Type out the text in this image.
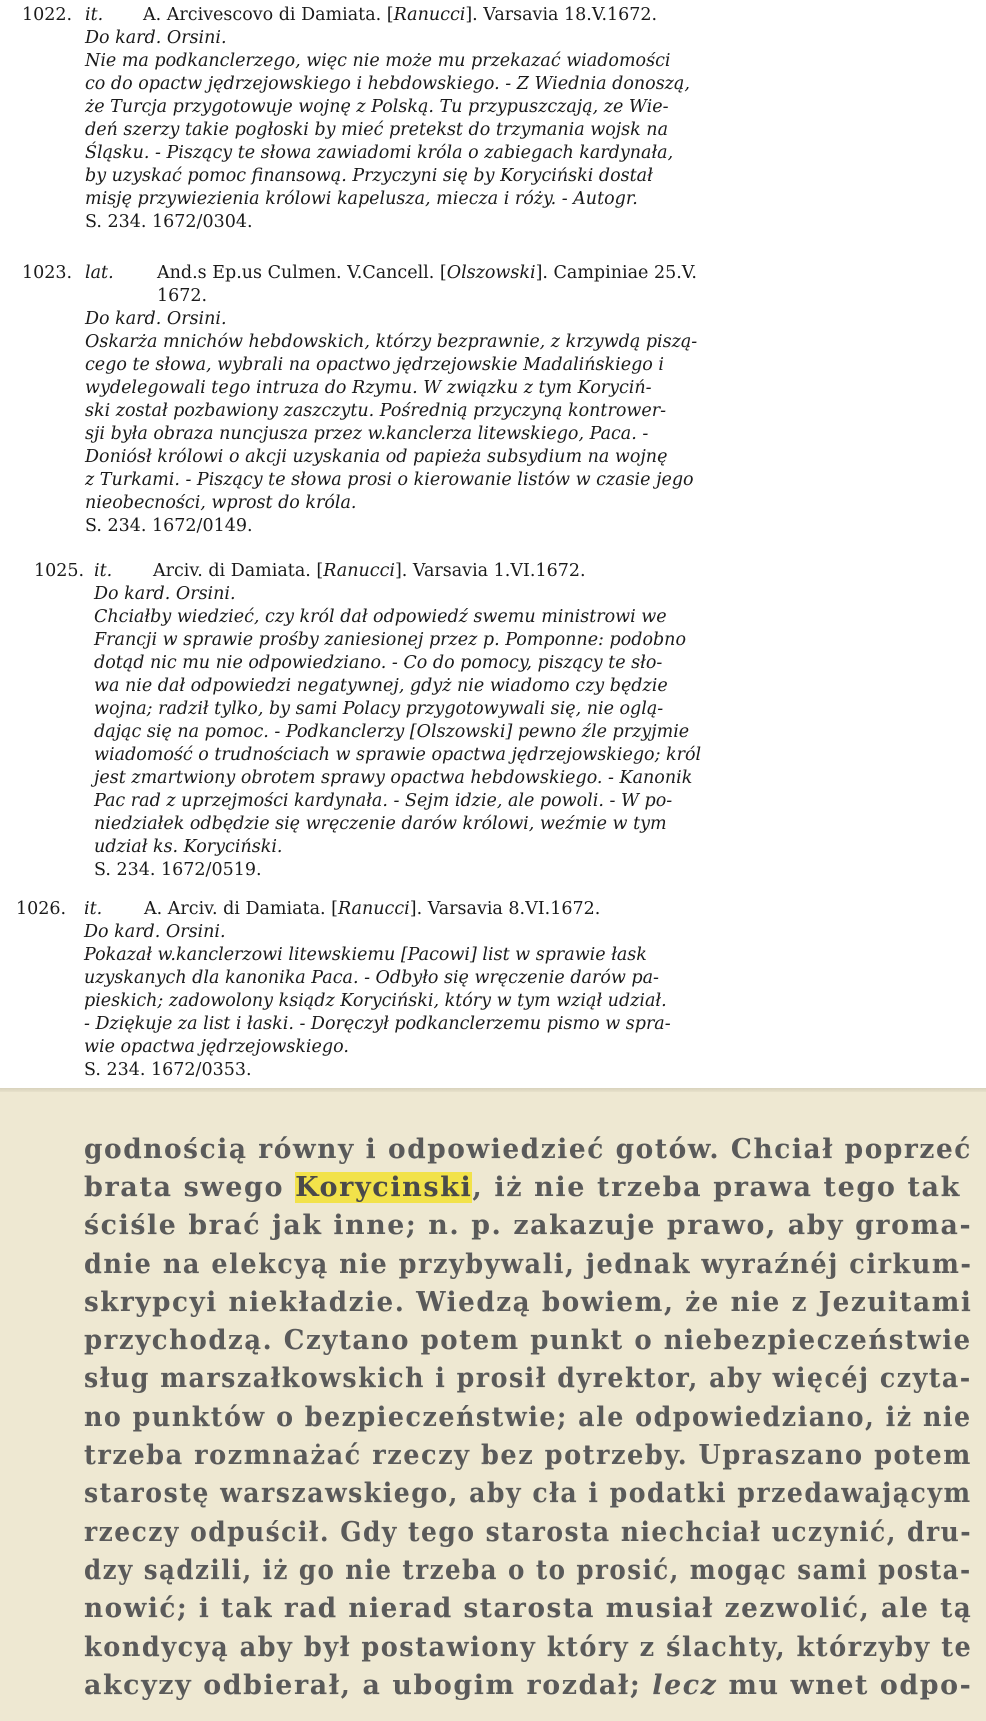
1022. it.	A. Arcivescovo di Damiata. [Ranucci]. Varsavia 18.V.1672.
Do kard. Orsini.
Nie ma podkanclerzego, więc nie może mu przekazać wiadomości
co do opactw jędrzejowskiego i hebdowskiego. - Z Wiednia donoszą,
że Turcja przygotowuje wojnę z Polską. Tu przypuszczają, ze Wie-
deń szerzy takie pogłoski by mieć pretekst do trzymania wojsk na
Śląsku. - Piszący te słowa zawiadomi króla o zabiegach kardynała,
by uzyskać pomoc finansową. Przyczyni się by Koryciński dostał
misję przywiezienia królowi kapelusza, miecza i róży. - Autogr.
S. 234. 1672/0304.
1023. lat.	And.s Ep.us Culmen. V.Cancell. [Olszowski]. Campiniae 25.V.
1672.
Do kard. Orsini.
Oskarża mnichów hebdowskich, którzy bezprawnie, z krzywdą piszą-
cego te słowa, wybrali na opactwo jędrzejowskie Madalińskiego i
wydelegowali tego intruza do Rzymu. W związku z tym Koryciń-
ski został pozbawiony zaszczytu. Pośrednią przyczyną kontrower-
sji była obraza nuncjusza przez w.kanclerza litewskiego, Paca. -
Doniósł królowi o akcji uzyskania od papieża subsydium na wojnę
z Turkami. - Piszący te słowa prosi o kierowanie listów w czasie jego
nieobecności, wprost do króla.
S. 234. 1672/0149.
1025. it.	Arciv. di Damiata. [Ranucci]. Varsavia 1.VI.1672.
Do kard. Orsini.
Chciałby wiedzieć, czy król dał odpowiedź swemu ministrowi we
Francji w sprawie prośby zaniesionej przez p. Pomponne: podobno
dotąd nic mu nie odpowiedziano. - Co do pomocy, piszący te sło-
wa nie dał odpowiedzi negatywnej, gdyż nie wiadomo czy będzie
wojna; radził tylko, by sami Polacy przygotowywali się, nie oglą-
dając się na pomoc. - Podkanclerzy [Olszowski] pewno źle przyjmie
wiadomość o trudnościach w sprawie opactwa jędrzejowskiego; król
jest zmartwiony obrotem sprawy opactwa hebdowskiego. - Kanonik
Pac rad z uprzejmości kardynała. - Sejm idzie, ale powoli. - W po-
niedziałek odbędzie się wręczenie darów królowi, weźmie w tym
udział ks. Koryciński.
S. 234. 1672/0519.
1026.	it.	A. Arciv. di Damiata. [Ranucci]. Varsavia 8.VI.1672.
Do kard. Orsini.
Pokazał w.kanclerzowi litewskiemu [Pacowi] list w sprawie łask
uzyskanych dla kanonika Paca. - Odbyło się wręczenie darów pa-
pieskich; zadowolony ksiądz Koryciński, który w tym wziął udział.
- Dziękuje za list i łaski. - Doręczył podkanclerzemu pismo w spra-
wie opactwa jędrzejowskiego.
S. 234. 1672/0353.
godnością równy i odpowiedzieć gotów. Chciał poprzeć
brata swego Korycinski, iż nie trzeba prawa tego tak
ściśle brać jak inne; n. p. zakazuje prawo, aby groma-
dnie na elekcyą nie przybywali, jednak wyraźnéj cirkum-
skrypcyi niekładzie. Wiedzą bowiem, że nie z Jezuitami
przychodzą. Czytano potem punkt o niebezpieczeństwie
sług marszałkowskich i prosił dyrektor, aby więcéj czyta-
no punktów o bezpieczeństwie; ale odpowiedziano, iż nie
trzeba rozmnażać rzeczy bez potrzeby. Upraszano potem
starostę warszawskiego, aby cła i podatki przedawającym
rzeczy odpuścił. Gdy tego starosta niechciał uczynić, dru-
dzy sądzili, iż go nie trzeba o to prosić, mogąc sami posta-
nowić; i tak rad nierad starosta musiał zezwolić, ale tą
kondycyą aby był postawiony który z ślachty, którzyby te
akcyzy odbierał, a ubogim rozdał; lecz mu wnet odpo-
